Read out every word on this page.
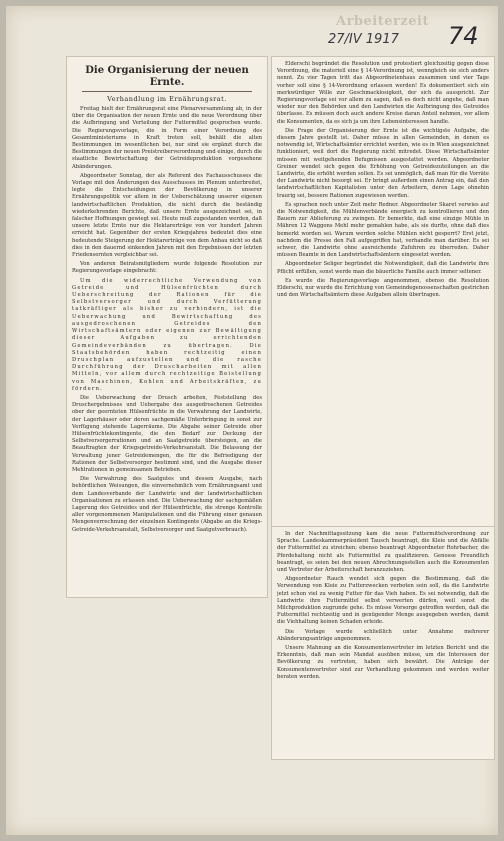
Arbeiterzeit
27/IV 1917 74
Die Organisierung der neuen Ernte.
Verhandlung im Ernährungsrat.

Freitag hielt der Ernährungsrat eine Plenarversammlung ab, in der über die Organisation der neuen Ernte und die neue Verordnung über die Aufbringung und Verteilung der Futtermittel gesprochen wurde. Die Regierungsvorlage, die in Form einer Verordnung des Gesamtministeriums in Kraft treten soll, behält die alten Bestimmungen im wesentlichen bei, nur sind sie ergänzt durch die Bestimmungen der neuen Preistreiberverordnung und einige, durch die staatliche Bewirtschaftung der Getreideproduktion vorgesehene Abänderungen.

Abgeordneter Sonntag, der als Referent des Fachausschusses die Vorlage mit den Änderungen des Ausschusses im Plenum unterbreitet, legte die Entscheidungen der Bevölkerung in unserer Ernährungspolitik vor allem in der Ueberschätzung unserer eigenen landwirtschaftlichen Produktion, die nicht durch die beständig wiederkehrenden Berichte, daß unsere Ernte ausgezeichnet sei, in falscher Hoffnungen gewiegt sei. Heute muß zugestanden werden, daß unsere letzte Ernte nur die Hektarerträge von vor hundert Jahren erreicht hat. Gegenüber der ersten Kriegsjahres bedeutet dies eine bedeutende Steigerung der Hektarerträge von dem Anbau nicht so daß dies in den dauernd sinkenden Jahren mit den Ergebnissen der letzten Friedensernten vergleichbar sei.

Von anderen Beiratsmitgliedern wurde folgende Resolution zur Regierungsvorlage eingebracht:

Um die widerrechtliche Verwendung von Getreide und Hülsenfrüchten durch Ueberschreitung der Rationen für die Selbstversorger und durch Verfütterung tatkräftiger als bisher zu verhindern, ist die Ueberwachung und Bewirtschaftung des ausgedroschenen Getreides den Wirtschaftsämtern oder eigenen zur Bewältigung dieser Aufgaben zu errichtenden Gemeindeverbänden zu übertragen. Die Staatsbehörden haben rechtzeitig einen Druschplan aufzustellen und die rasche Durchführung der Druscharbeiten mit allen Mitteln, vor allem durch rechtzeitige Beistellung von Maschinen, Kohlen und Arbeitskräften, zu fördern.

Die Ueberwachung der Drusch arbeiten, Feststellung des Druschergebnisses und Uebergabe des ausgedroschenen Getreides ober der geernteten Hülsenfrüchte in die Verwahrung der Landwirte, der Lagerhäuser oder deren sachgemäße Unterbringung in sonst zur Verfügung stehende Lagerräume. Die Abgabe seiner Getreide ober Hülsenfrüchtekontingente, die den Bedarf zur Deckung der Selbstversorgerrationen und an Saatgetreide übersteigen, an die Beauftragten der Kriegsgetreide-Verkehrsanstalt. Die Belassung der Verwaltung jener Getreidemengen, die für die Befriedigung der Rationen der Selbstversorger bestimmt sind, und die Ausgabe dieser Mehlrationen in gemeinsamen Betrieben.

Die Verwahrung des Saatgutes und dessen Ausgabe, nach behördlichen Weisungen, die einvernehmlich vom Ernährungsamt und dem Landesverbande der Landwirte und der landwirtschaftlichen Organisationen zu erlassen sind. Die Ueberwachung der sachgemäßen Lagerung des Getreides und der Hülsenfrüchte, die strenge Kontrolle aller vorgenommenen Manipulationen und die Führung einer genauen Mengenverrechnung der einzelnen Kontingente (Abgabe an die Kriegs-Getreide-Verkehrsanstalt, Selbstversorger und Saatgutverbrauch).

Elderschi begründet die Resolution und protestiert gleichzeitig gegen diese Verordnung, die materiell eine § 14-Verordnung ist, wenngleich sie sich anders nennt. Zu vier Tagen tritt das Abgeordnetenhaus zusammen und vier Tage vorher soll eine § 14-Verordnung erlassen werden! Es dokumentiert sich ein merkwürdiger Wille zur Geschmacklosigkeit, der sich da ausspricht. Zur Regierungsvorlage sei vor allem zu sagen, daß es doch nicht angehe, daß man wieder nur den Behörden und den Landwirten die Aufbringung des Getreides überlasse. Es müssen doch auch andere Kreise daran Anteil nehmen, vor allem die Konsumenten, da es sich ja um ihre Lebensinteressen handle.

Die Frage der Organisierung der Ernte ist die wichtigste Aufgabe, die diesem Jahre gestellt ist. Daher müsse in allen Gemeinden, in denen es notwendig ist, Wirtschaftsämter errichtet werden, wie es in Wien ausgezeichnet funktioniert, weil dort die Regierung nicht mitredet. Diese Wirtschaftsämter müssen mit weitgehenden Befugnissen ausgestattet werden. Abgeordneter Greiner wendet sich gegen die Erhöhung von Getreidezuteilungen an die Landwirte, die erhöht werden sollen. Es sei unmöglich, daß man für die Vorräte der Landwirte nicht besorgt sei. Er bringt außerdem einen Antrag ein, daß den landwirtschaftlichen Kapitalisten unter den Arbeitern, deren Lage ohnehin traurig sei, bessere Rationen zugewiesen werden.

Es sprachen noch unter Zeit mehr Redner. Abgeordneter Skaret verwies auf die Notwendigkeit, die Mühlenverbände energisch zu kontrollieren und den Bauern zur Ablieferung zu zwingen. Er bemerkte, daß eine einzige Mühle in Mähren 12 Waggons Mehl mehr gemahlen habe, als sie durfte, ohne daß dies bemerkt worden sei. Warum werden solche Mühlen nicht gesperrt? Erst jetzt, nachdem die Presse den Fall aufgegriffen hat, verhandle man darüber. Es sei schwer, die Landwirte ohne ausreichende Zufuhren zu überreden. Daher müssen Beamte in den Landwirtschaftsämtern eingesetzt werden.

Abgeordneter Seliger begründet die Notwendigkeit, daß die Landwirte ihre Pflicht erfüllen, sonst werde man die bäuerliche Familie auch immer seltener.

Es wurde die Regierungsvorlage angenommen, ebenso die Resolution Elderschi, nur wurde die Errichtung von Gemeindegenossenschaften gestrichen und den Wirtschaftsämtern diese Aufgaben allein übertragen.

In der Nachmittagssitzung kam die neue Futtermittelverordnung zur Sprache. Landeskammerpräsident Tausch beantragt, die Kleie und die Abfälle der Futtermittel zu streichen; ebenso beantragt Abgeordneter Rohrbacher, die Pferdehaltung nicht als Futtermittel zu qualifizieren. Genosse Freundlich beantragt, es seien bei den neuen Abrechnungsstellen auch die Konsumenten und Vertreter der Arbeiterschaft heranzuziehen.

Abgeordneter Rauch wendet sich gegen die Bestimmung, daß die Verwendung von Kleie zu Futterzwecken verboten sein soll, da die Landwirte jetzt schon viel zu wenig Futter für das Vieh haben. Es sei notwendig, daß die Landwirte ihre Futtermittel selbst verwerten dürfen, weil sonst die Milchproduktion zugrunde gehe. Es müsse Vorsorge getroffen werden, daß die Futtermittel rechtzeitig und in genügender Menge ausgegeben werden, damit die Viehhaltung keinen Schaden erleide.

Die Vorlage wurde schließlich unter Annahme mehrerer Abänderungsanträge angenommen.

Unsere Mahnung an die Konsumentenvertreter im letzten Bericht und die Erkenntnis, daß man sein Mandat ausüben müsse, um die Interessen der Bevölkerung zu vertreten, haben sich bewährt. Die Anträge der Konsumentenvertreter sind zur Verhandlung gekommen und werden weiter beraten werden.
